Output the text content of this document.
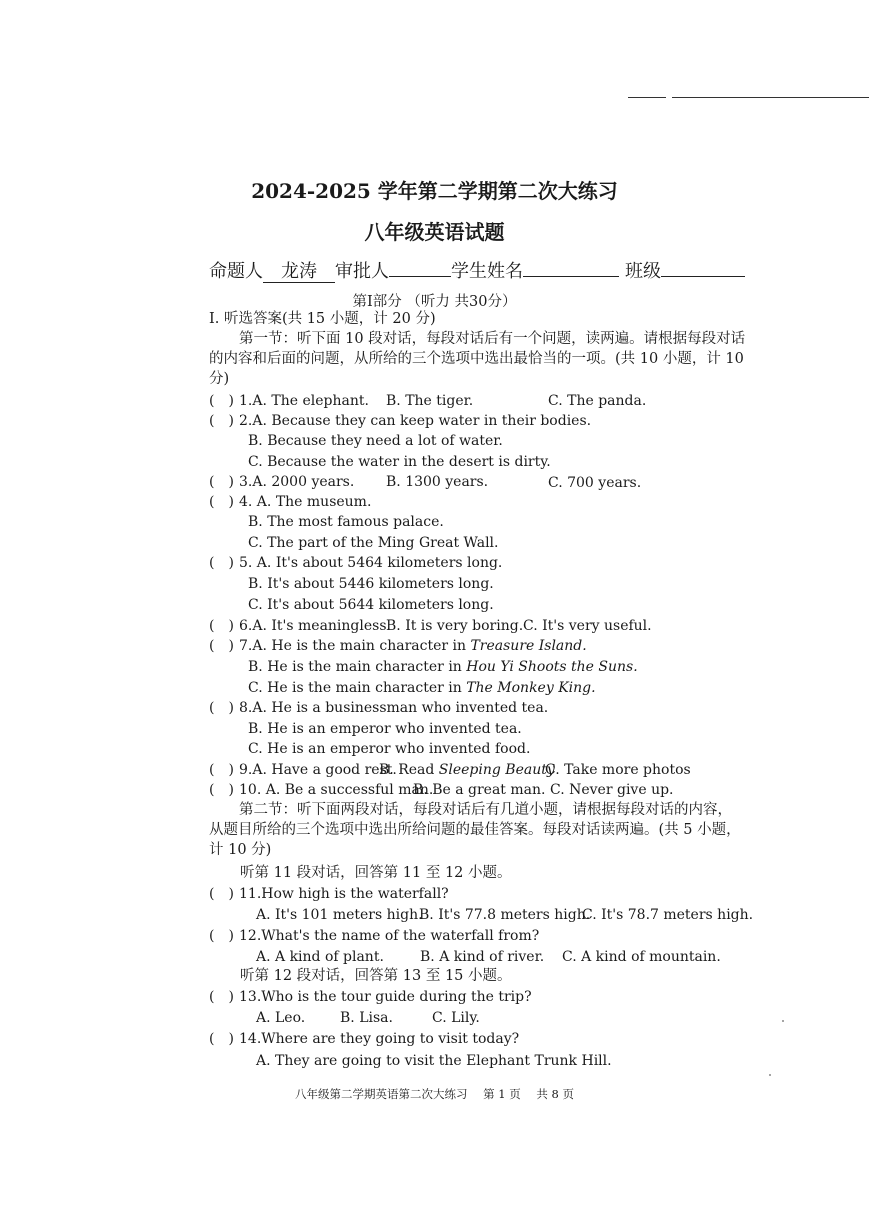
2024-2025 学年第二学期第二次大练习
八年级英语试题
命题人	龙涛	审批人	学生姓名	班级
第Ⅰ部分 （听力 共30分）
I. 听选答案(共 15 小题，计 20 分)
第一节：听下面 10 段对话，每段对话后有一个问题，读两遍。请根据每段对话的内容和后面的问题，从所给的三个选项中选出最恰当的一项。(共 10 小题，计 10 分)
(　) 1.A. The elephant. B. The tiger.	C. The panda.
(　) 2.A. Because they can keep water in their bodies.
B. Because they need a lot of water.
C. Because the water in the desert is dirty.
(　) 3.A. 2000 years. B. 1300 years.	C. 700 years.
(　) 4. A. The museum.
B. The most famous palace.
C. The part of the Ming Great Wall.
(　) 5. A. It's about 5464 kilometers long.
B. It's about 5446 kilometers long.
C. It's about 5644 kilometers long.
(　) 6.A. It's meaningless.
B. It is very boring. C. It's very useful.
(　) 7.A. He is the main character in Treasure Island.
B. He is the main character in Hou Yi Shoots the Suns.
C. He is the main character in The Monkey King.
(　) 8.A. He is a businessman who invented tea.
B. He is an emperor who invented tea.
C. He is an emperor who invented food.
(　) 9.A. Have a good rest.
B. Read Sleeping Beauty
C. Take more photos
(　) 10. A. Be a successful man.
B. Be a great man. C. Never give up.
第二节：听下面两段对话，每段对话后有几道小题，请根据每段对话的内容，从题目所给的三个选项中选出所给问题的最佳答案。每段对话读两遍。(共 5 小题，计 10 分)
听第 11 段对话，回答第 11 至 12 小题。
(　) 11.How high is the waterfall?
A. It's 101 meters high.
B. It's 77.8 meters high.
C. It's 78.7 meters high.
(　) 12.What's the name of the waterfall from?
A. A kind of plant.	B. A kind of river. C. A kind of mountain.
听第 12 段对话，回答第 13 至 15 小题。
(　) 13.Who is the tour guide during the trip?
A. Leo. B. Lisa.	C. Lily.
(　) 14.Where are they going to visit today?
A. They are going to visit the Elephant Trunk Hill.
八年级第二学期英语第二次大练习 第 1 页 共 8 页
